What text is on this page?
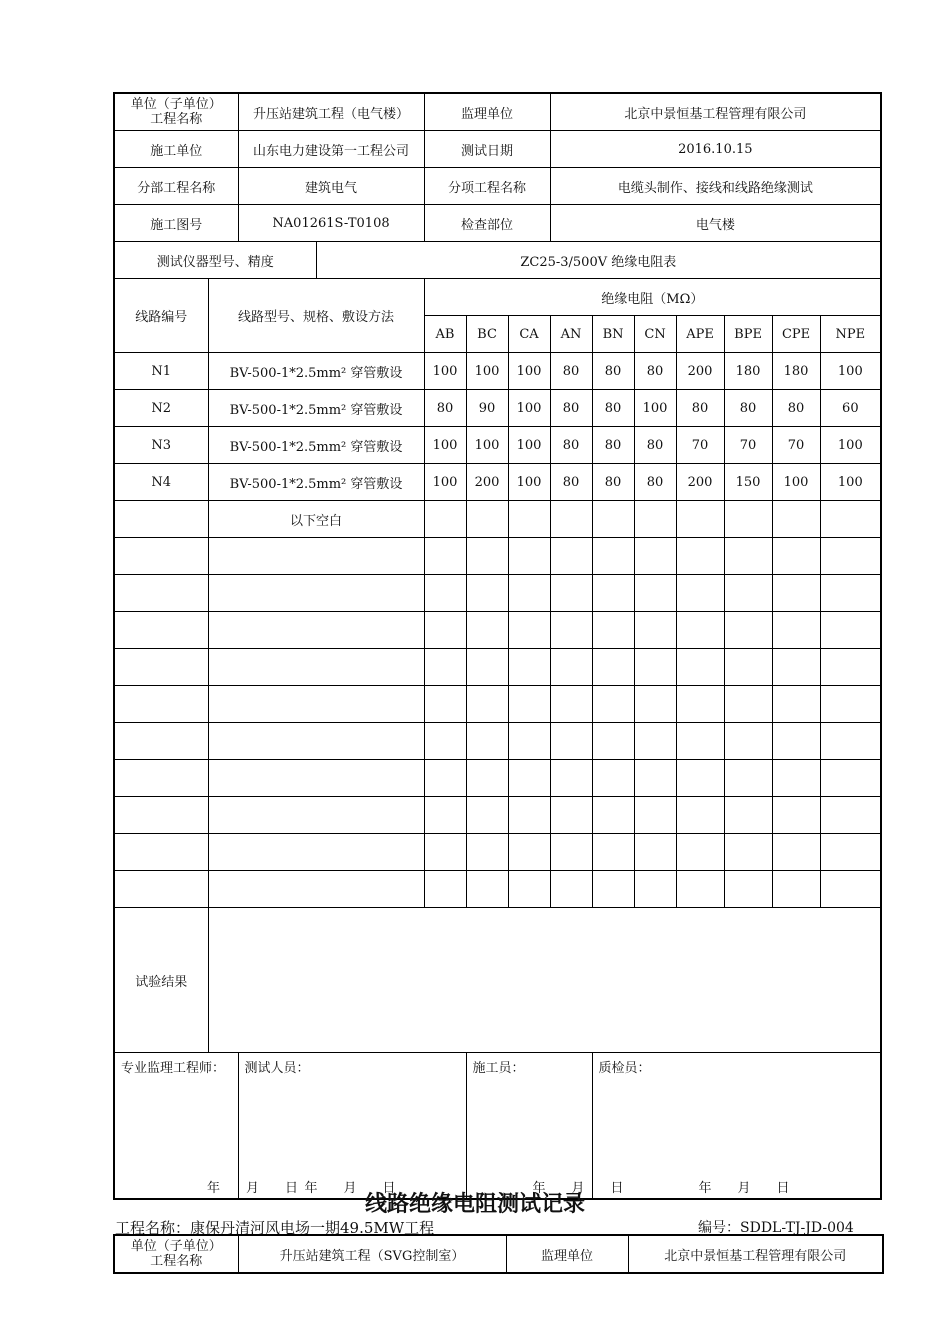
单位（子单位）
工程名称		升压站建筑工程（电气楼）		监理单位			北京中景恒基工程管理有限公司						
施工单位		山东电力建设第一工程公司		测试日期			2016.10.15						
分部工程名称		建筑电气		分项工程名称			电缆头制作、接线和线路绝缘测试						
施工图号		NA01261S-T0108		检查部位			电气楼						
测试仪器型号、精度			ZC25-3/500V 绝缘电阻表										
线路编号	线路型号、规格、敷设方法			绝缘电阻（MΩ）									
				AB	BC	CA	AN	BN	CN	APE	BPE	CPE	NPE
N1	BV-500-1*2.5mm² 穿管敷设			100	100	100	80	80	80	200	180	180	100
N2	BV-500-1*2.5mm² 穿管敷设			80	90	100	80	80	100	80	80	80	60
N3	BV-500-1*2.5mm² 穿管敷设			100	100	100	80	80	80	70	70	70	100
N4	BV-500-1*2.5mm² 穿管敷设			100	200	100	80	80	80	200	150	100	100
	以下空白												

试验结果													

专业监理工程师：
年　　月　　日		测试人员：
年　　月　　日			施工员：
年　　月　　日			质检员：
年　　月　　日					
线路绝缘电阻测试记录
工程名称：康保丹清河风电场一期49.5MW工程	编号：SDDL-TJ-JD-004
单位（子单位）
工程名称	升压站建筑工程（SVG控制室）	监理单位	北京中景恒基工程管理有限公司
